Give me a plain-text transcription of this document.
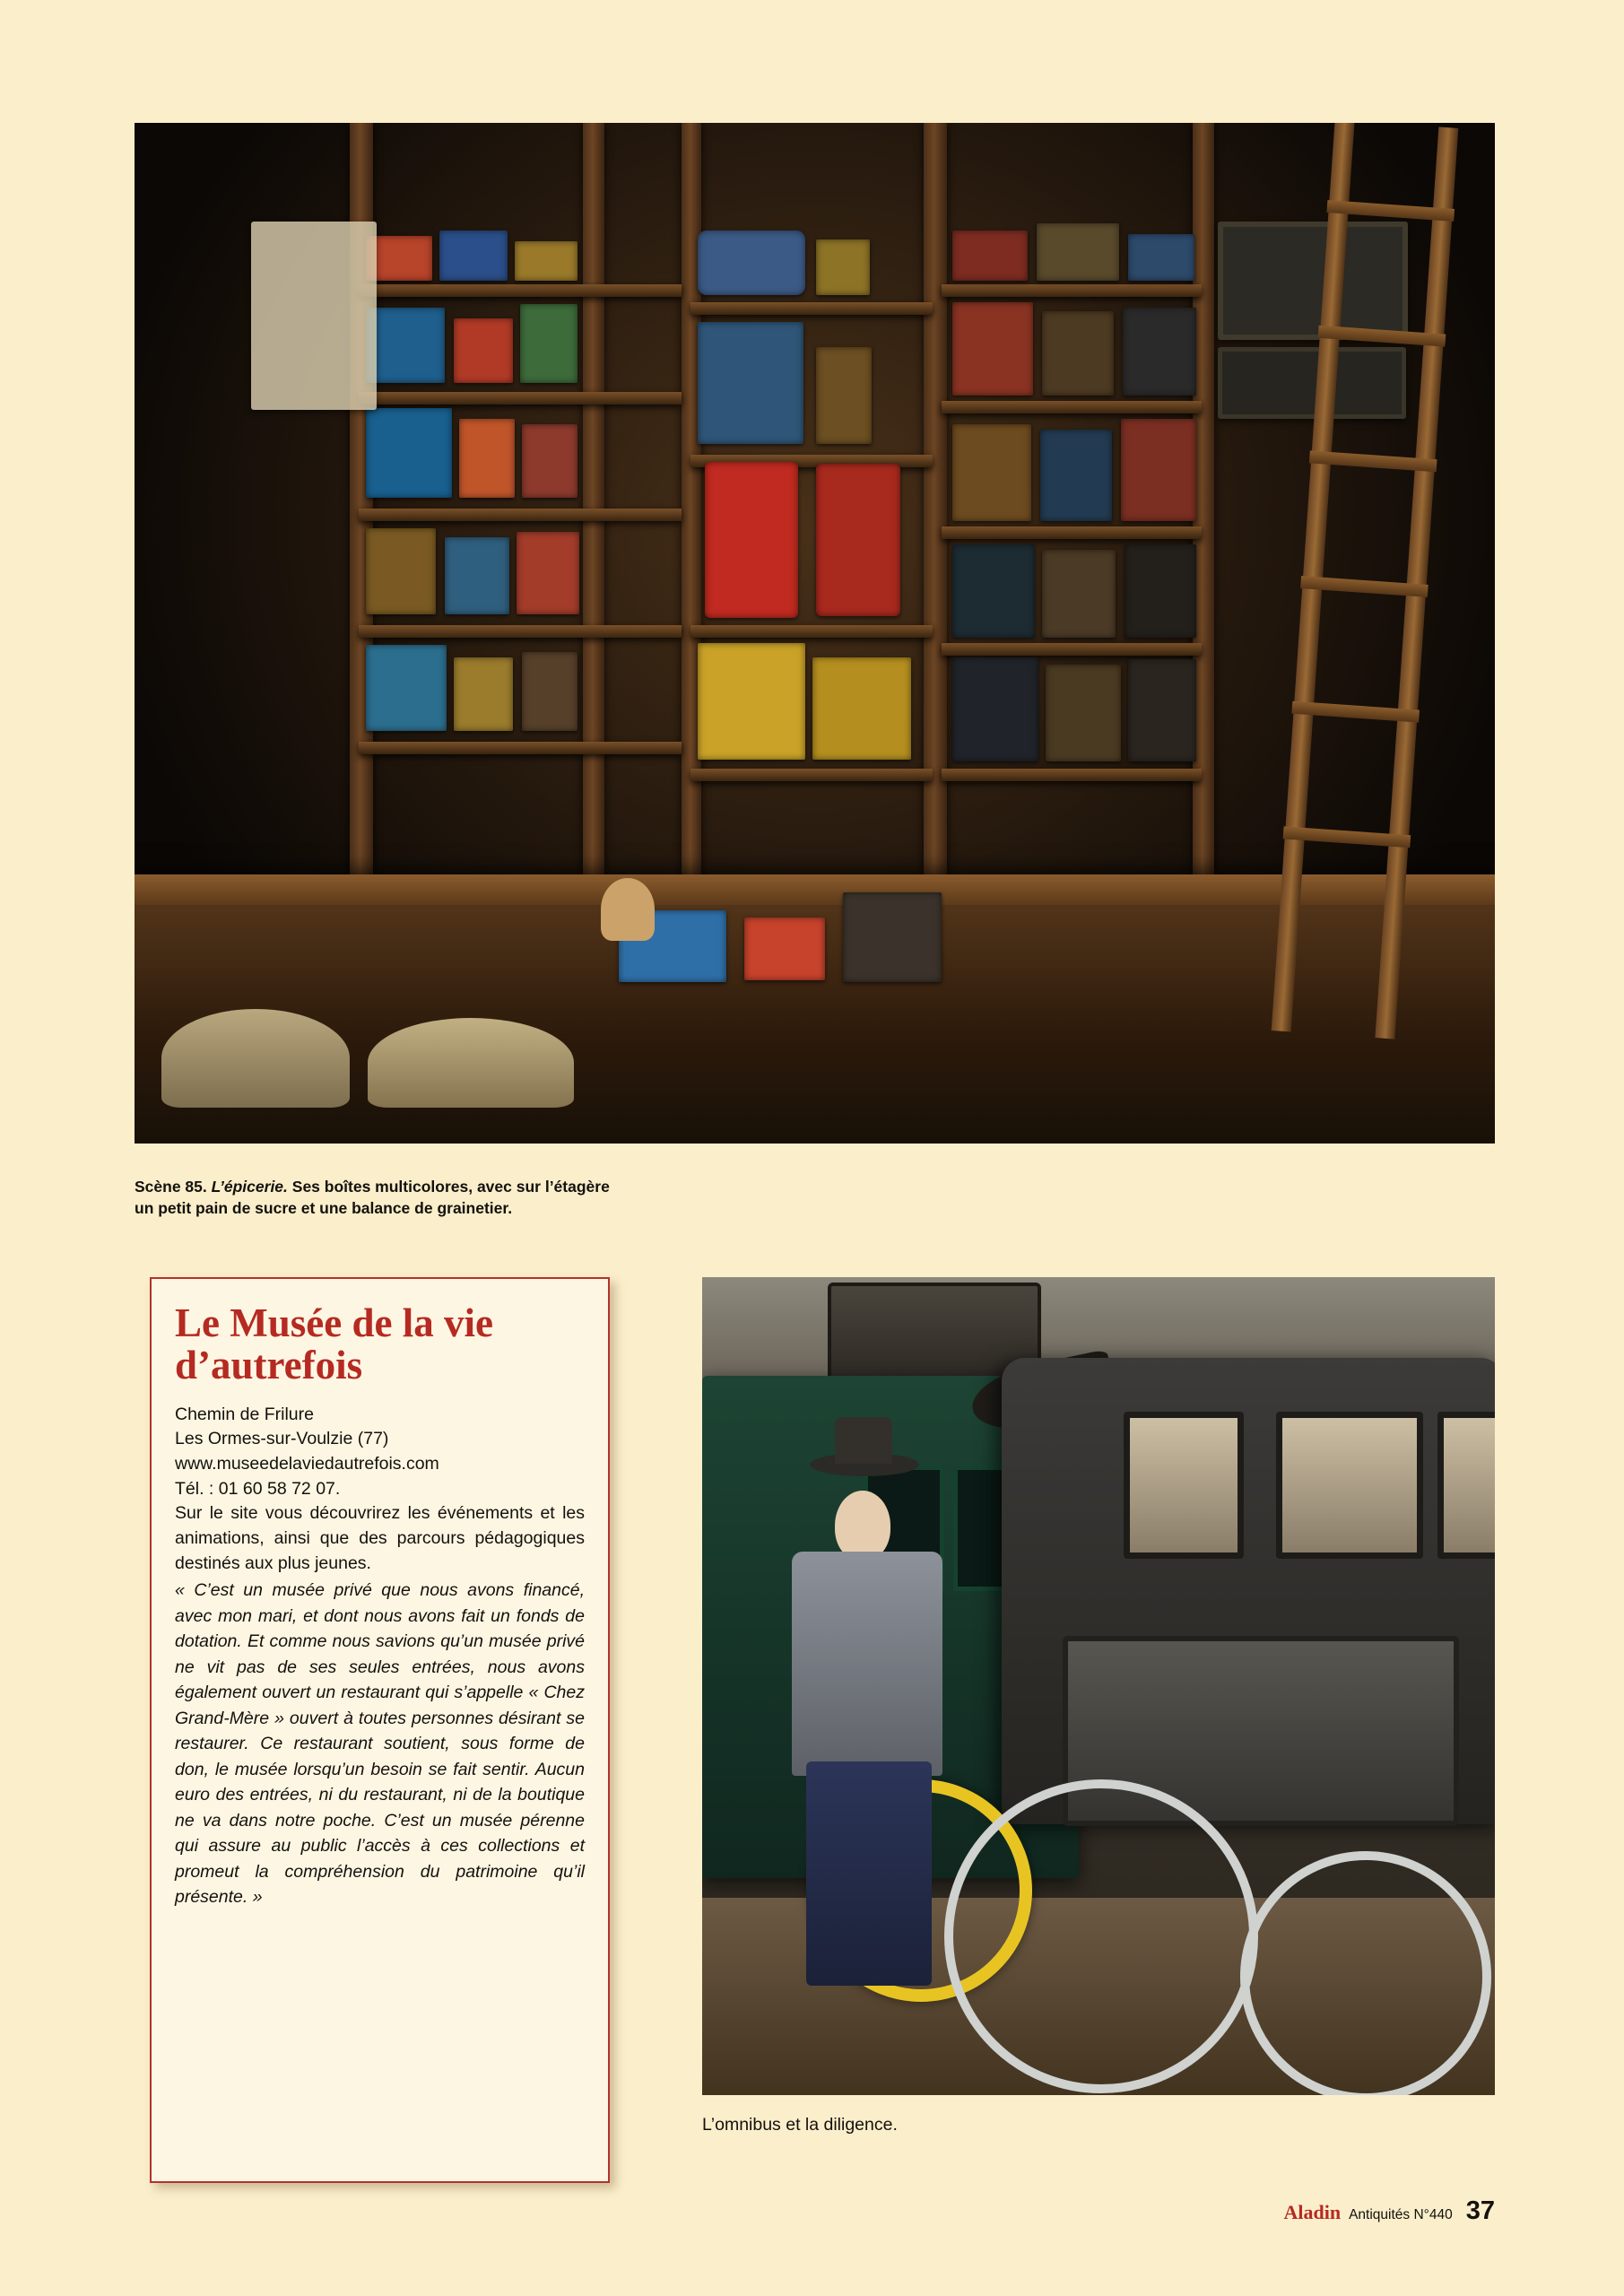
Scène 85. L’épicerie. Ses boîtes multicolores, avec sur l’étagère
un petit pain de sucre et une balance de grainetier.
Le Musée de la vie
d’autrefois
Chemin de Frilure
Les Ormes-sur-Voulzie (77)
www.museedelaviedautrefois.com
Tél. : 01 60 58 72 07.
Sur le site vous découvrirez les événements et les animations, ainsi que des parcours pédagogiques destinés aux plus jeunes.
« C’est un musée privé que nous avons financé, avec mon mari, et dont nous avons fait un fonds de dotation. Et comme nous savions qu’un musée privé ne vit pas de ses seules entrées, nous avons également ouvert un restaurant qui s’appelle « Chez Grand-Mère » ouvert à toutes personnes désirant se restaurer. Ce restaurant soutient, sous forme de don, le musée lorsqu’un besoin se fait sentir. Aucun euro des entrées, ni du restaurant, ni de la boutique ne va dans notre poche. C’est un musée pérenne qui assure au public l’accès à ces collections et promeut la compréhension du patrimoine qu’il présente. »
L’omnibus et la diligence.
Aladin Antiquités N°440 37
